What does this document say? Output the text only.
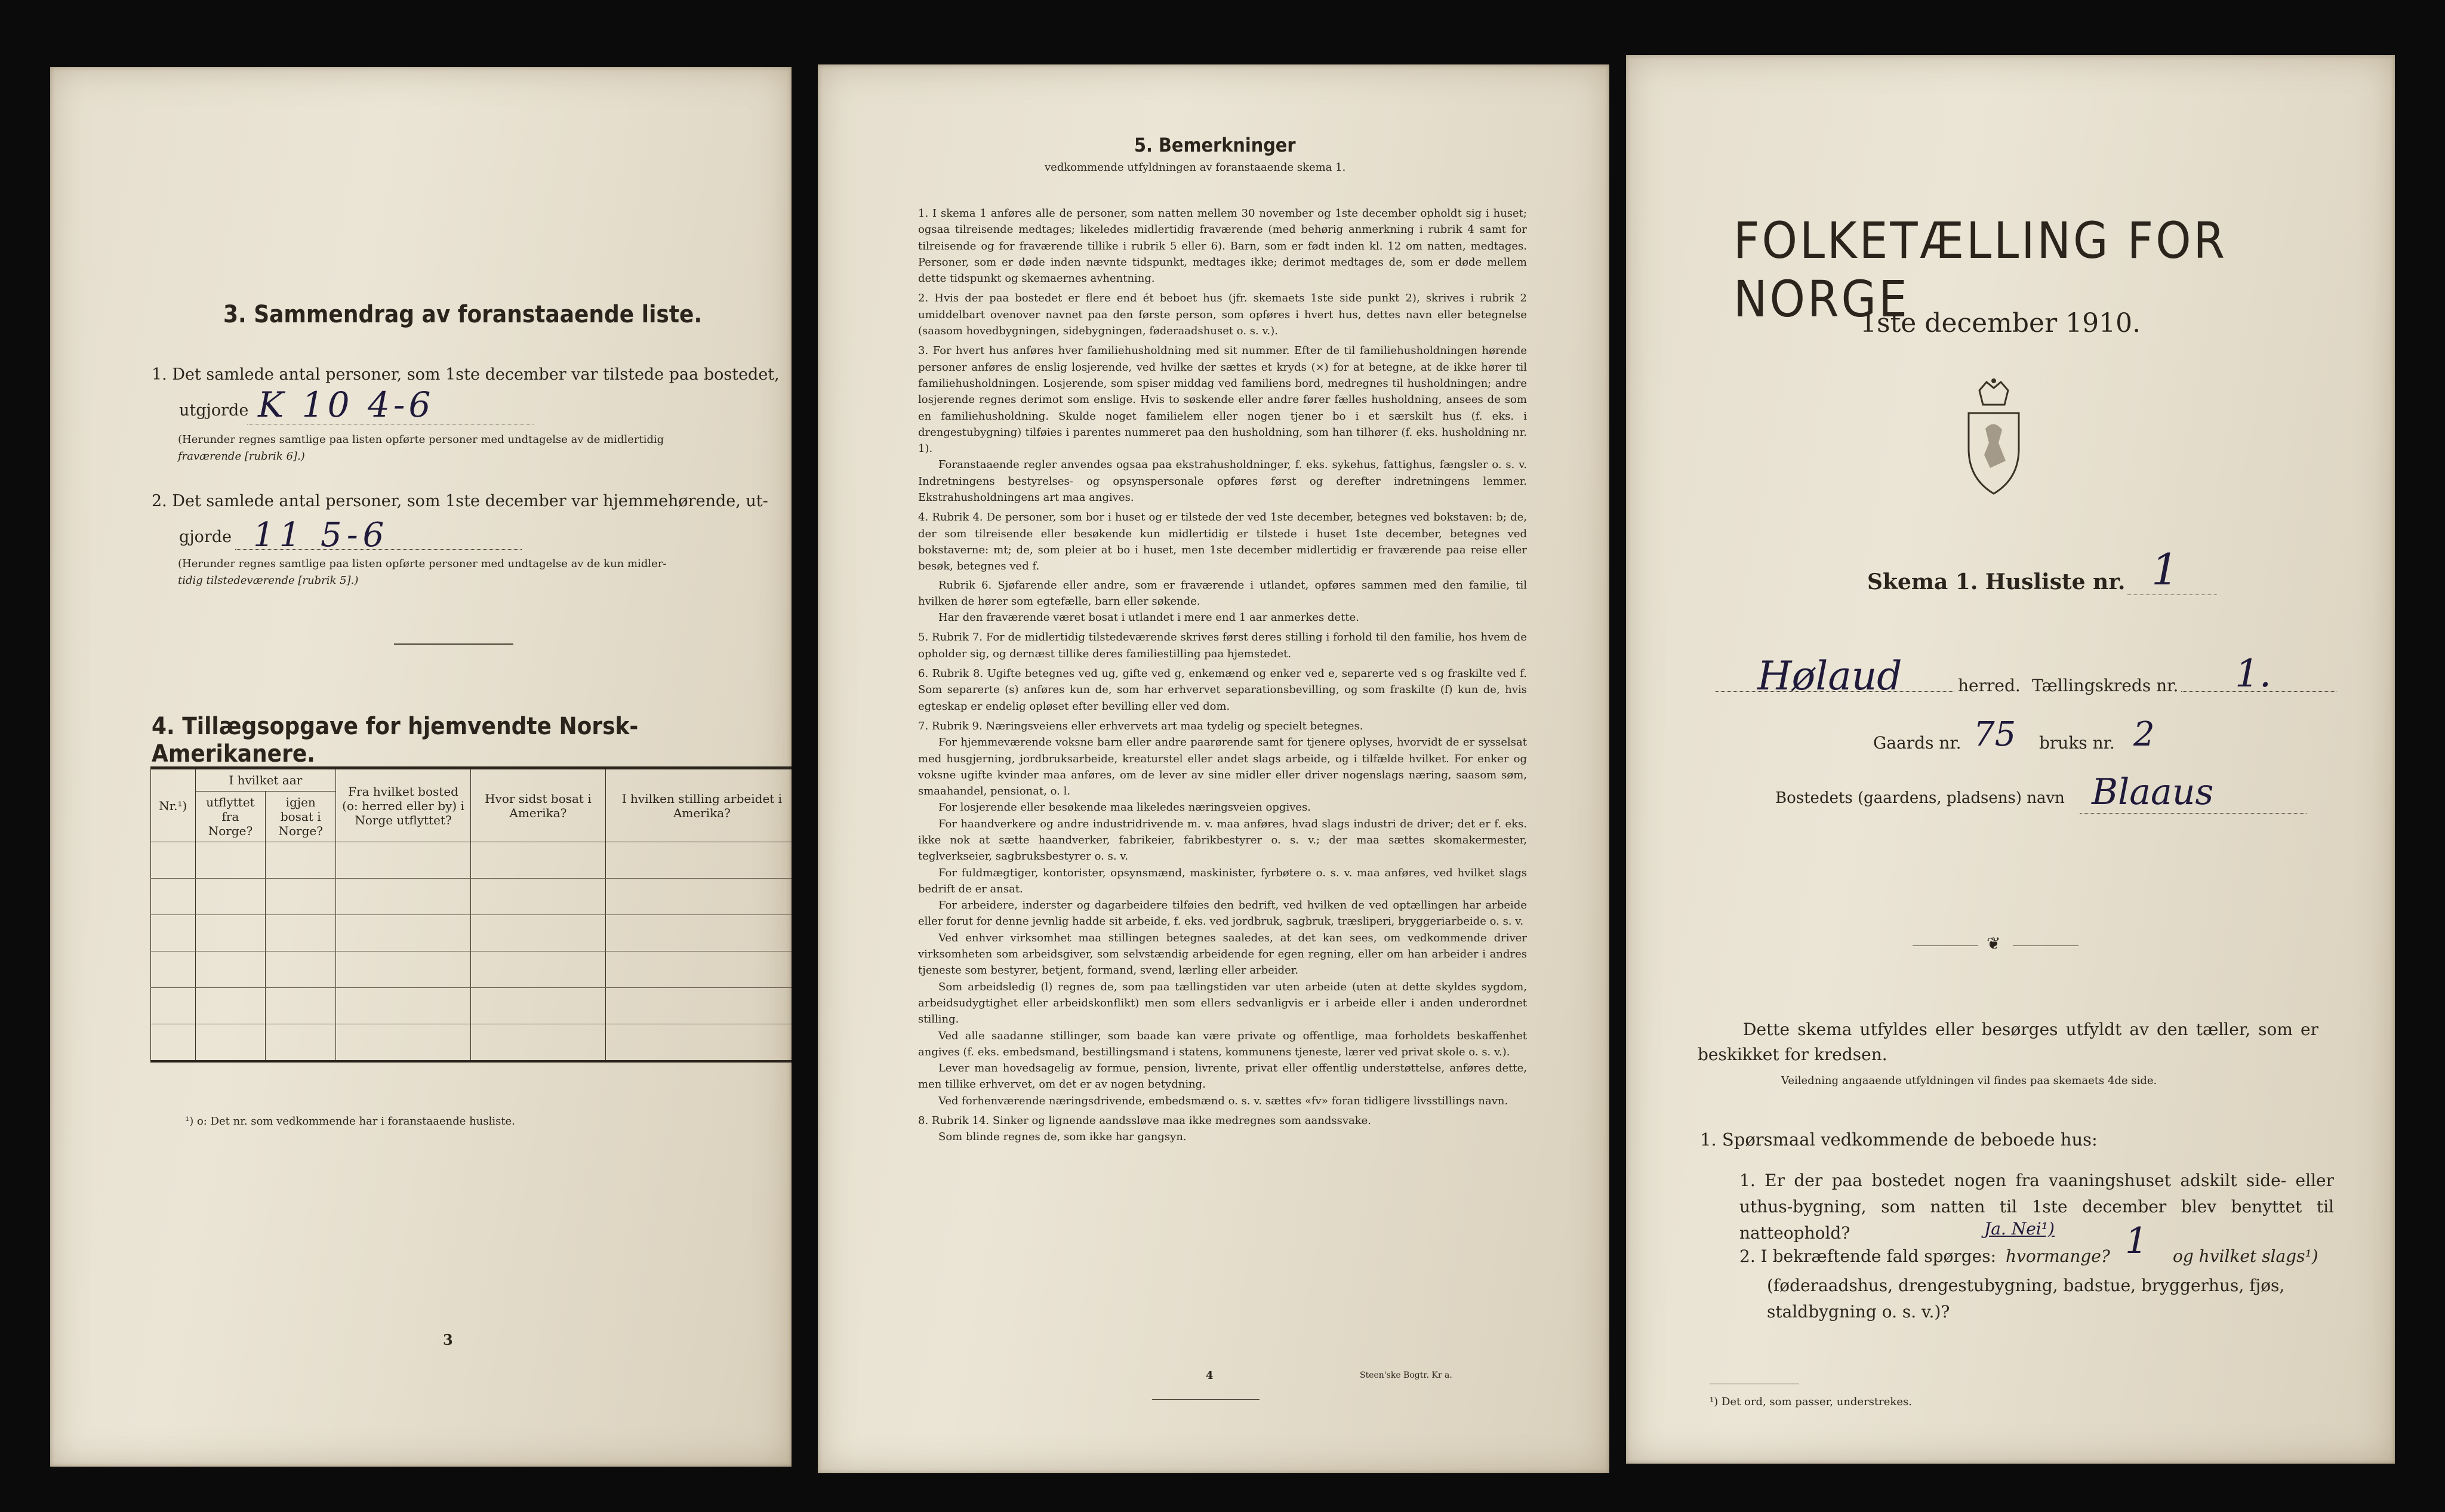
3. Sammendrag av foranstaaende liste.
1. Det samlede antal personer, som 1ste december var tilstede paa bostedet,
utgjorde K 10 4-6
(Herunder regnes samtlige paa listen opførte personer med undtagelse av de midlertidig
fraværende [rubrik 6].)
2. Det samlede antal personer, som 1ste december var hjemmehørende, ut-
gjorde 11 5-6
(Herunder regnes samtlige paa listen opførte personer med undtagelse av de kun midler-
tidig tilstedeværende [rubrik 5].)
4. Tillægsopgave for hjemvendte Norsk-Amerikanere.
Nr.¹)	I hvilket aar		Fra hvilket bosted (o: herred eller by) i Norge utflyttet?	Hvor sidst bosat i Amerika?	I hvilken stilling arbeidet i Amerika?
	utflyttet fra Norge?	igjen bosat i Norge?			

¹) o: Det nr. som vedkommende har i foranstaaende husliste.
3
5. Bemerkninger
vedkommende utfyldningen av foranstaaende skema 1.

1. I skema 1 anføres alle de personer, som natten mellem 30 november og 1ste december opholdt sig i huset; ogsaa tilreisende medtages; likeledes midlertidig fraværende (med behørig anmerkning i rubrik 4 samt for tilreisende og for fraværende tillike i rubrik 5 eller 6). Barn, som er født inden kl. 12 om natten, medtages. Personer, som er døde inden nævnte tidspunkt, medtages ikke; derimot medtages de, som er døde mellem dette tidspunkt og skemaernes avhentning.

2. Hvis der paa bostedet er flere end ét beboet hus (jfr. skemaets 1ste side punkt 2), skrives i rubrik 2 umiddelbart ovenover navnet paa den første person, som opføres i hvert hus, dettes navn eller betegnelse (saasom hovedbygningen, sidebygningen, føderaadshuset o. s. v.).

3. For hvert hus anføres hver familiehusholdning med sit nummer. Efter de til familiehusholdningen hørende personer anføres de enslig losjerende, ved hvilke der sættes et kryds (×) for at betegne, at de ikke hører til familiehusholdningen. Losjerende, som spiser middag ved familiens bord, medregnes til husholdningen; andre losjerende regnes derimot som enslige. Hvis to søskende eller andre fører fælles husholdning, ansees de som en familiehusholdning. Skulde noget familielem eller nogen tjener bo i et særskilt hus (f. eks. i drengestubygning) tilføies i parentes nummeret paa den husholdning, som han tilhører (f. eks. husholdning nr. 1).

Foranstaaende regler anvendes ogsaa paa ekstrahusholdninger, f. eks. sykehus, fattighus, fængsler o. s. v. Indretningens bestyrelses- og opsynspersonale opføres først og derefter indretningens lemmer. Ekstrahusholdningens art maa angives.

4. Rubrik 4. De personer, som bor i huset og er tilstede der ved 1ste december, betegnes ved bokstaven: b; de, der som tilreisende eller besøkende kun midlertidig er tilstede i huset 1ste december, betegnes ved bokstaverne: mt; de, som pleier at bo i huset, men 1ste december midlertidig er fraværende paa reise eller besøk, betegnes ved f.

Rubrik 6. Sjøfarende eller andre, som er fraværende i utlandet, opføres sammen med den familie, til hvilken de hører som egtefælle, barn eller søkende.

Har den fraværende været bosat i utlandet i mere end 1 aar anmerkes dette.

5. Rubrik 7. For de midlertidig tilstedeværende skrives først deres stilling i forhold til den familie, hos hvem de opholder sig, og dernæst tillike deres familiestilling paa hjemstedet.

6. Rubrik 8. Ugifte betegnes ved ug, gifte ved g, enkemænd og enker ved e, separerte ved s og fraskilte ved f. Som separerte (s) anføres kun de, som har erhvervet separationsbevilling, og som fraskilte (f) kun de, hvis egteskap er endelig opløset efter bevilling eller ved dom.

7. Rubrik 9. Næringsveiens eller erhvervets art maa tydelig og specielt betegnes.

For hjemmeværende voksne barn eller andre paarørende samt for tjenere oplyses, hvorvidt de er sysselsat med husgjerning, jordbruksarbeide, kreaturstel eller andet slags arbeide, og i tilfælde hvilket. For enker og voksne ugifte kvinder maa anføres, om de lever av sine midler eller driver nogenslags næring, saasom søm, smaahandel, pensionat, o. l.

For losjerende eller besøkende maa likeledes næringsveien opgives.

For haandverkere og andre industridrivende m. v. maa anføres, hvad slags industri de driver; det er f. eks. ikke nok at sætte haandverker, fabrikeier, fabrikbestyrer o. s. v.; der maa sættes skomakermester, teglverkseier, sagbruksbestyrer o. s. v.

For fuldmægtiger, kontorister, opsynsmænd, maskinister, fyrbøtere o. s. v. maa anføres, ved hvilket slags bedrift de er ansat.

For arbeidere, inderster og dagarbeidere tilføies den bedrift, ved hvilken de ved optællingen har arbeide eller forut for denne jevnlig hadde sit arbeide, f. eks. ved jordbruk, sagbruk, træsliperi, bryggeriarbeide o. s. v.

Ved enhver virksomhet maa stillingen betegnes saaledes, at det kan sees, om vedkommende driver virksomheten som arbeidsgiver, som selvstændig arbeidende for egen regning, eller om han arbeider i andres tjeneste som bestyrer, betjent, formand, svend, lærling eller arbeider.

Som arbeidsledig (l) regnes de, som paa tællingstiden var uten arbeide (uten at dette skyldes sygdom, arbeidsudygtighet eller arbeidskonflikt) men som ellers sedvanligvis er i arbeide eller i anden underordnet stilling.

Ved alle saadanne stillinger, som baade kan være private og offentlige, maa forholdets beskaffenhet angives (f. eks. embedsmand, bestillingsmand i statens, kommunens tjeneste, lærer ved privat skole o. s. v.).

Lever man hovedsagelig av formue, pension, livrente, privat eller offentlig understøttelse, anføres dette, men tillike erhvervet, om det er av nogen betydning.

Ved forhenværende næringsdrivende, embedsmænd o. s. v. sættes «fv» foran tidligere livsstillings navn.

8. Rubrik 14. Sinker og lignende aandssløve maa ikke medregnes som aandssvake.

Som blinde regnes de, som ikke har gangsyn.

4	Steen'ske Bogtr. Kr a.
FOLKETÆLLING FOR NORGE
1ste december 1910.
Skema 1. Husliste nr. 1
Hølaud	herred. Tællingskreds nr. 1.
Gaards nr. 75 bruks nr. 2
Bostedets (gaardens, pladsens) navn Blaaus
❦
Dette skema utfyldes eller besørges utfyldt av den tæller, som er beskikket for kredsen.
Veiledning angaaende utfyldningen vil findes paa skemaets 4de side.
1. Spørsmaal vedkommende de beboede hus:
1. Er der paa bostedet nogen fra vaaningshuset adskilt side- eller uthus-bygning, som natten til 1ste december blev benyttet til natteophold?	Ja. Nei¹)
2. I bekræftende fald spørges: hvormange? 1 og hvilket slags¹)
(føderaadshus, drengestubygning, badstue, bryggerhus, fjøs, staldbygning o. s. v.)?
¹) Det ord, som passer, understrekes.
